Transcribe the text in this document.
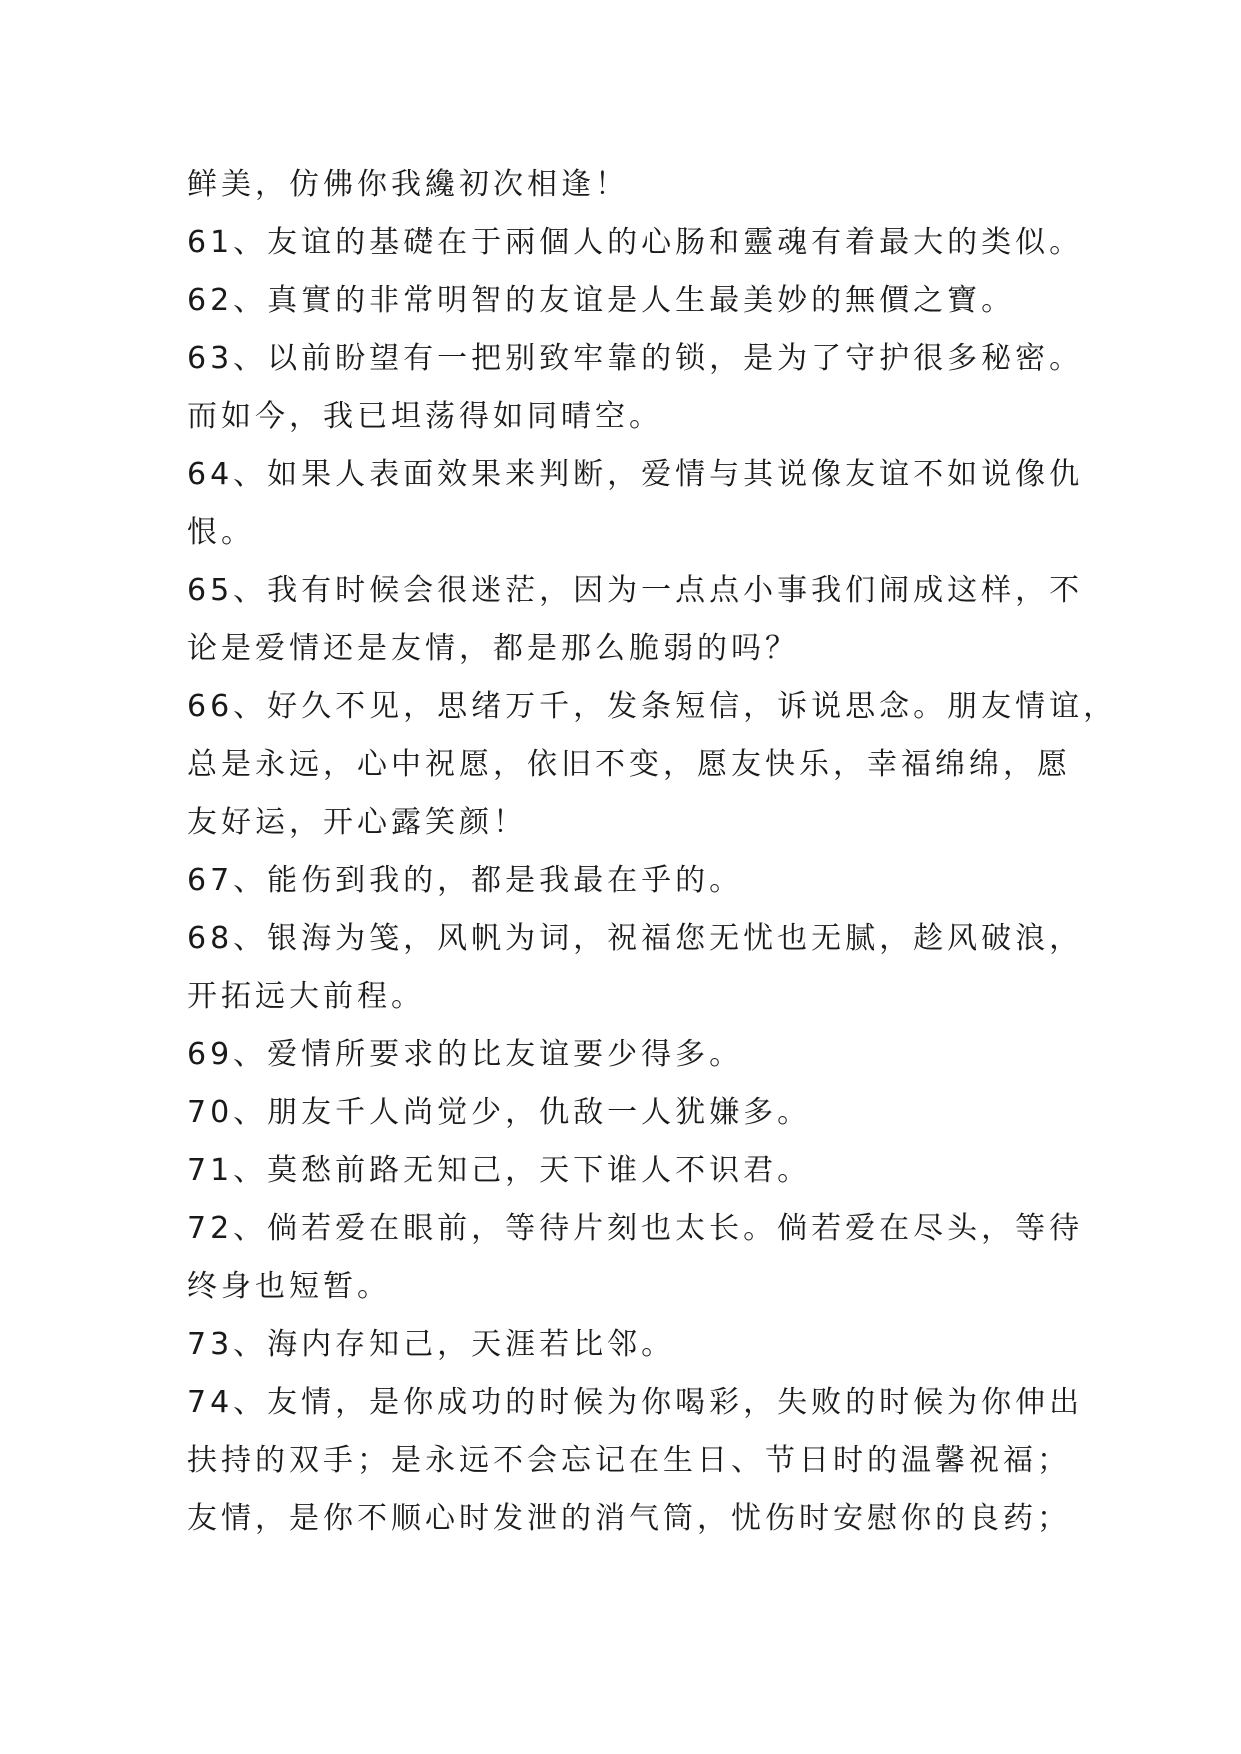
鲜美，仿佛你我纔初次相逢！
61、友谊的基礎在于兩個人的心肠和靈魂有着最大的类似。
62、真實的非常明智的友谊是人生最美妙的無價之寶。
63、以前盼望有一把别致牢靠的锁，是为了守护很多秘密。
而如今，我已坦荡得如同晴空。
64、如果人表面效果来判断，爱情与其说像友谊不如说像仇
恨。
65、我有时候会很迷茫，因为一点点小事我们闹成这样，不
论是爱情还是友情，都是那么脆弱的吗？
66、好久不见，思绪万千，发条短信，诉说思念。朋友情谊，
总是永远，心中祝愿，依旧不变，愿友快乐，幸福绵绵，愿
友好运，开心露笑颜！
67、能伤到我的，都是我最在乎的。
68、银海为笺，风帆为词，祝福您无忧也无腻，趁风破浪，
开拓远大前程。
69、爱情所要求的比友谊要少得多。
70、朋友千人尚觉少，仇敌一人犹嫌多。
71、莫愁前路无知己，天下谁人不识君。
72、倘若爱在眼前，等待片刻也太长。倘若爱在尽头，等待
终身也短暂。
73、海内存知己，天涯若比邻。
74、友情，是你成功的时候为你喝彩，失败的时候为你伸出
扶持的双手；是永远不会忘记在生日、节日时的温馨祝福；
友情，是你不顺心时发泄的消气筒，忧伤时安慰你的良药；
